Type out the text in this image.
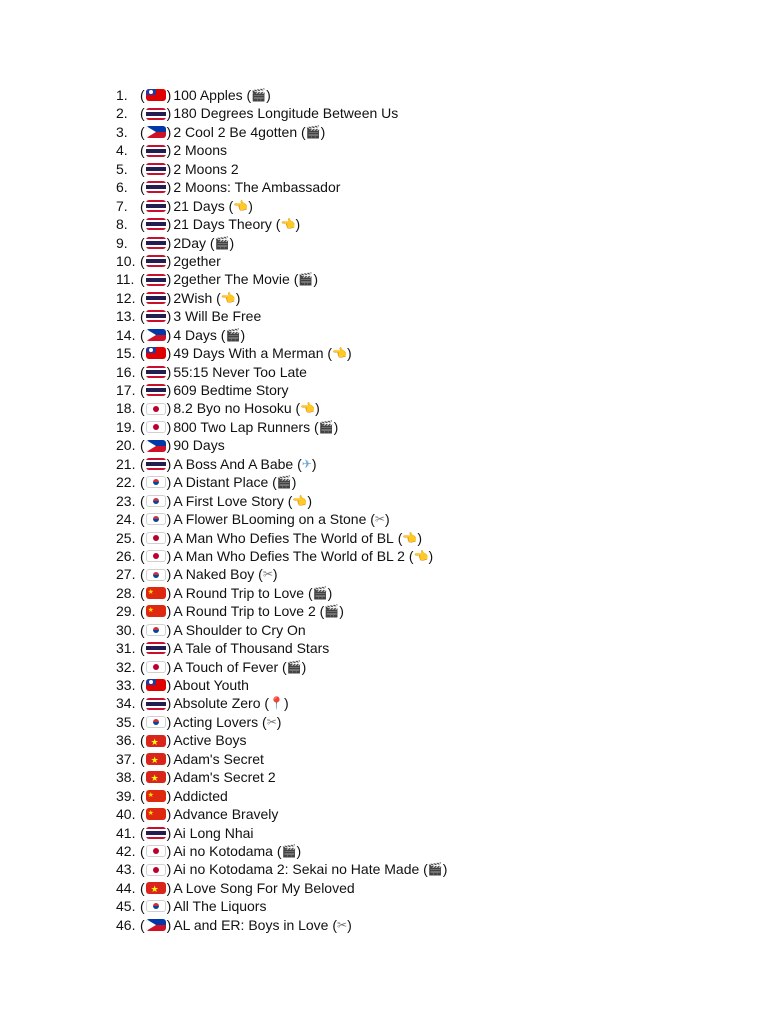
1. ( ) 100 Apples ( 🎬 )
2. ( ) 180 Degrees Longitude Between Us
3. ( ) 2 Cool 2 Be 4gotten ( 🎬 )
4. ( ) 2 Moons
5. ( ) 2 Moons 2
6. ( ) 2 Moons: The Ambassador
7. ( ) 21 Days ( 👈 )
8. ( ) 21 Days Theory ( 👈 )
9. ( ) 2Day ( 🎬 )
10. ( ) 2gether
11. ( ) 2gether The Movie ( 🎬 )
12. ( ) 2Wish ( 👈 )
13. ( ) 3 Will Be Free
14. ( ) 4 Days ( 🎬 )
15. ( ) 49 Days With a Merman ( 👈 )
16. ( ) 55:15 Never Too Late
17. ( ) 609 Bedtime Story
18. ( ) 8.2 Byo no Hosoku ( 👈 )
19. ( ) 800 Two Lap Runners ( 🎬 )
20. ( ) 90 Days
21. ( ) A Boss And A Babe ( ✈ )
22. ( ) A Distant Place ( 🎬 )
23. ( ) A First Love Story ( 👈 )
24. ( ) A Flower BLooming on a Stone ( ✂ )
25. ( ) A Man Who Defies The World of BL ( 👈 )
26. ( ) A Man Who Defies The World of BL 2 ( 👈 )
27. ( ) A Naked Boy ( ✂ )
28. ( ★ ) A Round Trip to Love ( 🎬 )
29. ( ★ ) A Round Trip to Love 2 ( 🎬 )
30. ( ) A Shoulder to Cry On
31. ( ) A Tale of Thousand Stars
32. ( ) A Touch of Fever ( 🎬 )
33. ( ) About Youth
34. ( ) Absolute Zero ( 📍 )
35. ( ) Acting Lovers ( ✂ )
36. ( ★ ) Active Boys
37. ( ★ ) Adam's Secret
38. ( ★ ) Adam's Secret 2
39. ( ★ ) Addicted
40. ( ★ ) Advance Bravely
41. ( ) Ai Long Nhai
42. ( ) Ai no Kotodama ( 🎬 )
43. ( ) Ai no Kotodama 2: Sekai no Hate Made ( 🎬 )
44. ( ★ ) A Love Song For My Beloved
45. ( ) All The Liquors
46. ( ) AL and ER: Boys in Love ( ✂ )
